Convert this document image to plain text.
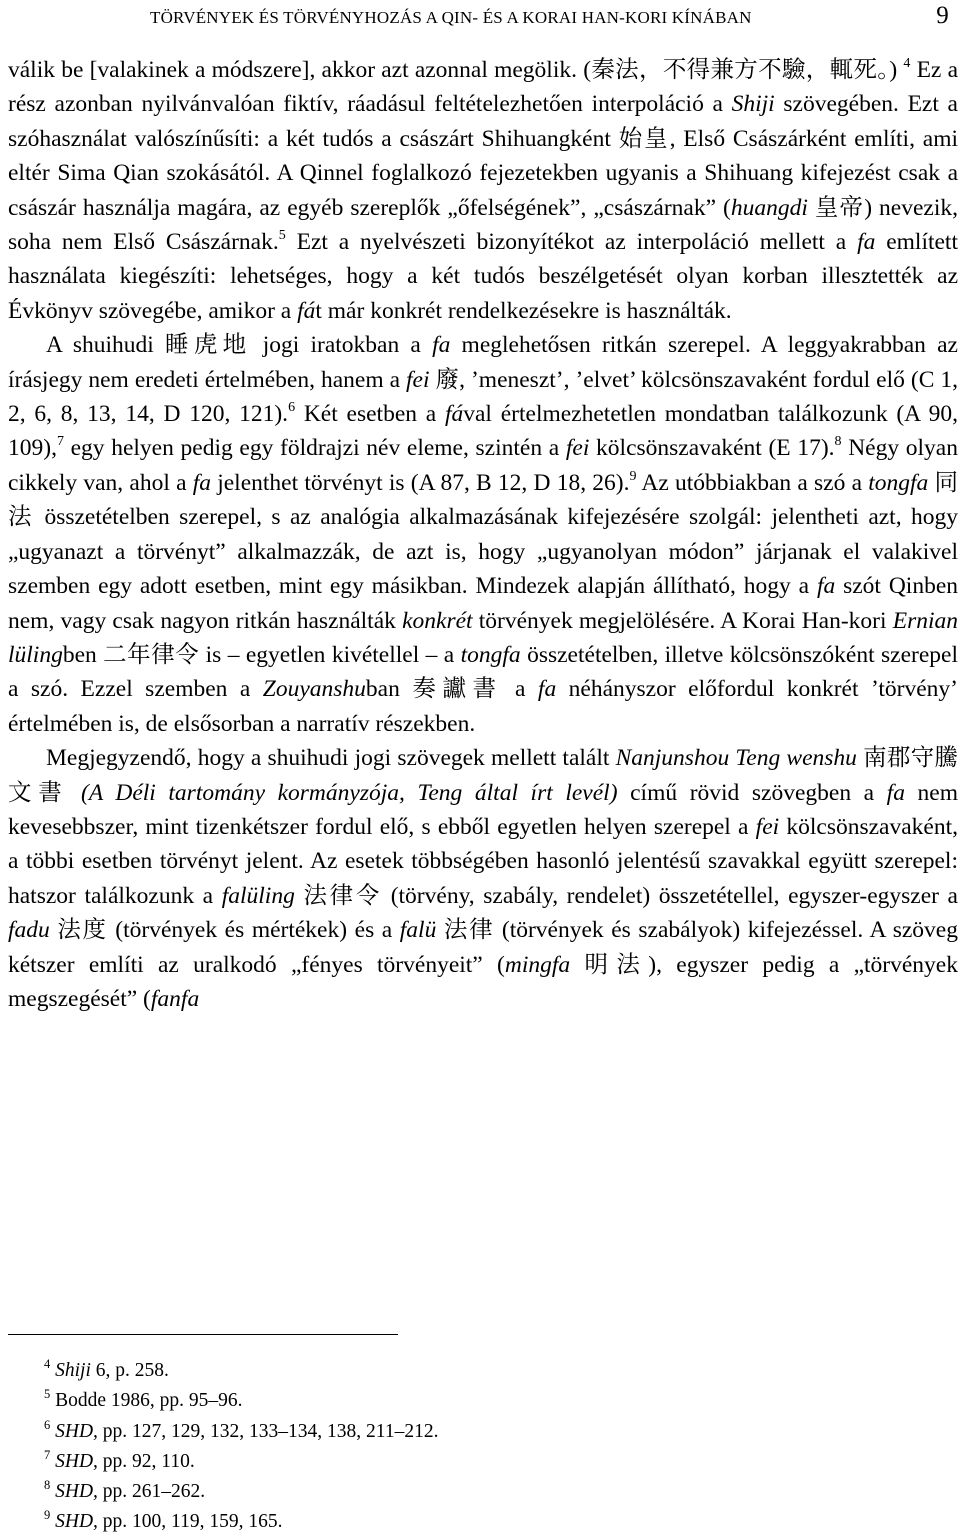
TÖRVÉNYEK ÉS TÖRVÉNYHOZÁS A QIN- ÉS A KORAI HAN-KORI KÍNÁBAN	9

válik be [valakinek a módszere], akkor azt azonnal megölik. (秦法，不得兼方不驗，輒死。) $^4$ Ez a rész azonban nyilvánvalóan fiktív, ráadásul feltételezhetően interpoláció a Shiji szövegében. Ezt a szóhasználat valószínűsíti: a két tudós a császárt Shihuangként 始皇, Első Császárként említi, ami eltér Sima Qian szokásától. A Qinnel foglalkozó fejezetekben ugyanis a Shihuang kifejezést csak a császár használja magára, az egyéb szereplők „őfelségének”, „császárnak” (huangdi 皇帝) nevezik, soha nem Első Császárnak.$^5$ Ezt a nyelvészeti bizonyítékot az interpoláció mellett a fa említett használata kiegészíti: lehetséges, hogy a két tudós beszélgetését olyan korban illesztették az Évkönyv szövegébe, amikor a fát már konkrét rendelkezésekre is használták.

A shuihudi 睡虎地 jogi iratokban a fa meglehetősen ritkán szerepel. A leggyakrabban az írásjegy nem eredeti értelmében, hanem a fei 廢, ’meneszt’, ’elvet’ kölcsönszavaként fordul elő (C 1, 2, 6, 8, 13, 14, D 120, 121).$^6$ Két esetben a fával értelmezhetetlen mondatban találkozunk (A 90, 109),$^7$ egy helyen pedig egy földrajzi név eleme, szintén a fei kölcsönszavaként (E 17).$^8$ Négy olyan cikkely van, ahol a fa jelenthet törvényt is (A 87, B 12, D 18, 26).$^9$ Az utóbbiakban a szó a tongfa 同法 összetételben szerepel, s az analógia alkalmazásának kifejezésére szolgál: jelentheti azt, hogy „ugyanazt a törvényt” alkalmazzák, de azt is, hogy „ugyanolyan módon” járjanak el valakivel szemben egy adott esetben, mint egy másikban. Mindezek alapján állítható, hogy a fa szót Qinben nem, vagy csak nagyon ritkán használták konkrét törvények megjelölésére. A Korai Han-kori Ernian lülingben 二年律令 is – egyetlen kivétellel – a tongfa összetételben, illetve kölcsönszóként szerepel a szó. Ezzel szemben a Zouyanshuban 奏讞書 a fa néhányszor előfordul konkrét ’törvény’ értelmében is, de elsősorban a narratív részekben.

Megjegyzendő, hogy a shuihudi jogi szövegek mellett talált Nanjunshou Teng wenshu 南郡守騰文書 (A Déli tartomány kormányzója, Teng által írt levél) című rövid szövegben a fa nem kevesebbszer, mint tizenkétszer fordul elő, s ebből egyetlen helyen szerepel a fei kölcsönszavaként, a többi esetben törvényt jelent. Az esetek többségében hasonló jelentésű szavakkal együtt szerepel: hatszor találkozunk a falüling 法律令 (törvény, szabály, rendelet) összetétellel, egyszer-egyszer a fadu 法度 (törvények és mértékek) és a falü 法律 (törvények és szabályok) kifejezéssel. A szöveg kétszer említi az uralkodó „fényes törvényeit” (mingfa 明法), egyszer pedig a „törvények megszegését” (fanfa

$^4$ Shiji 6, p. 258.
$^5$ Bodde 1986, pp. 95–96.
$^6$ SHD, pp. 127, 129, 132, 133–134, 138, 211–212.
$^7$ SHD, pp. 92, 110.
$^8$ SHD, pp. 261–262.
$^9$ SHD, pp. 100, 119, 159, 165.
